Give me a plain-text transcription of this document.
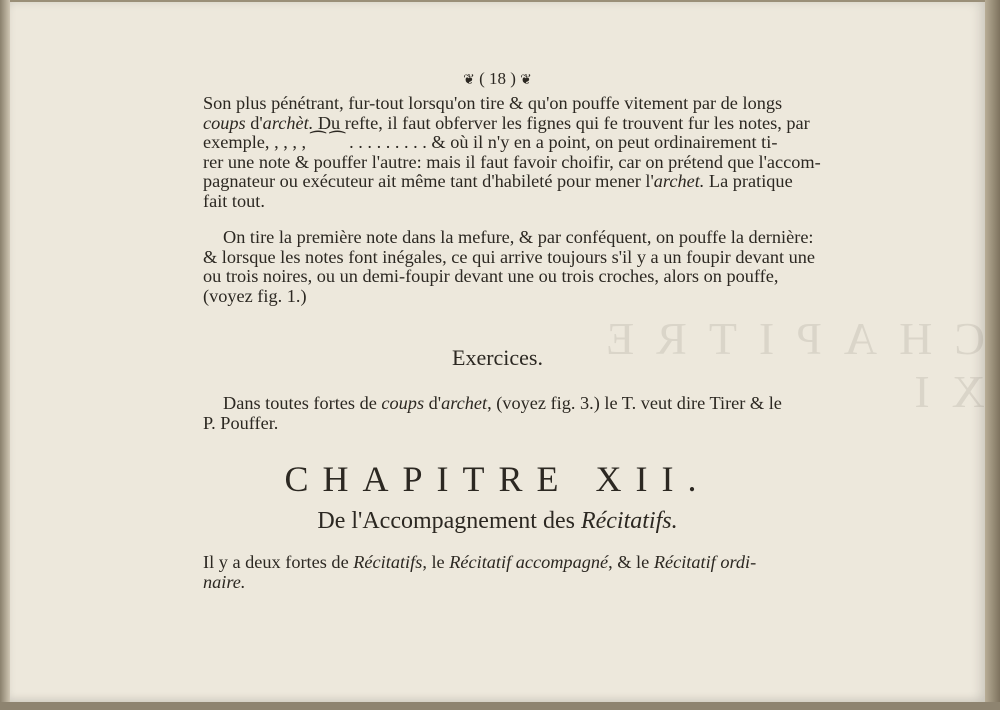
CHAPITRE XI
❦ ( 18 ) ❦
Son plus pénétrant, fur-tout lorsqu'on tire & qu'on pouffe vitement par de longs
coups d'archèt. Du refte, il faut obferver les fignes qui fe trouvent fur les notes, par
exemple, , , , , ⁀ ⁀ . . . . . . . . . & où il n'y en a point, on peut ordinairement ti-
rer une note & pouffer l'autre: mais il faut favoir choifir, car on prétend que l'accom-
pagnateur ou exécuteur ait même tant d'habileté pour mener l'archet. La pratique
fait tout.
On tire la première note dans la mefure, & par conféquent, on pouffe la dernière:
& lorsque les notes font inégales, ce qui arrive toujours s'il y a un foupir devant une
ou trois noires, ou un demi-foupir devant une ou trois croches, alors on pouffe,
(voyez fig. 1.)
Exercices.
Dans toutes fortes de coups d'archet, (voyez fig. 3.) le T. veut dire Tirer & le
P. Pouffer.
CHAPITRE XII.
De l'Accompagnement des Récitatifs.
Il y a deux fortes de Récitatifs, le Récitatif accompagné, & le Récitatif ordi-
naire.
